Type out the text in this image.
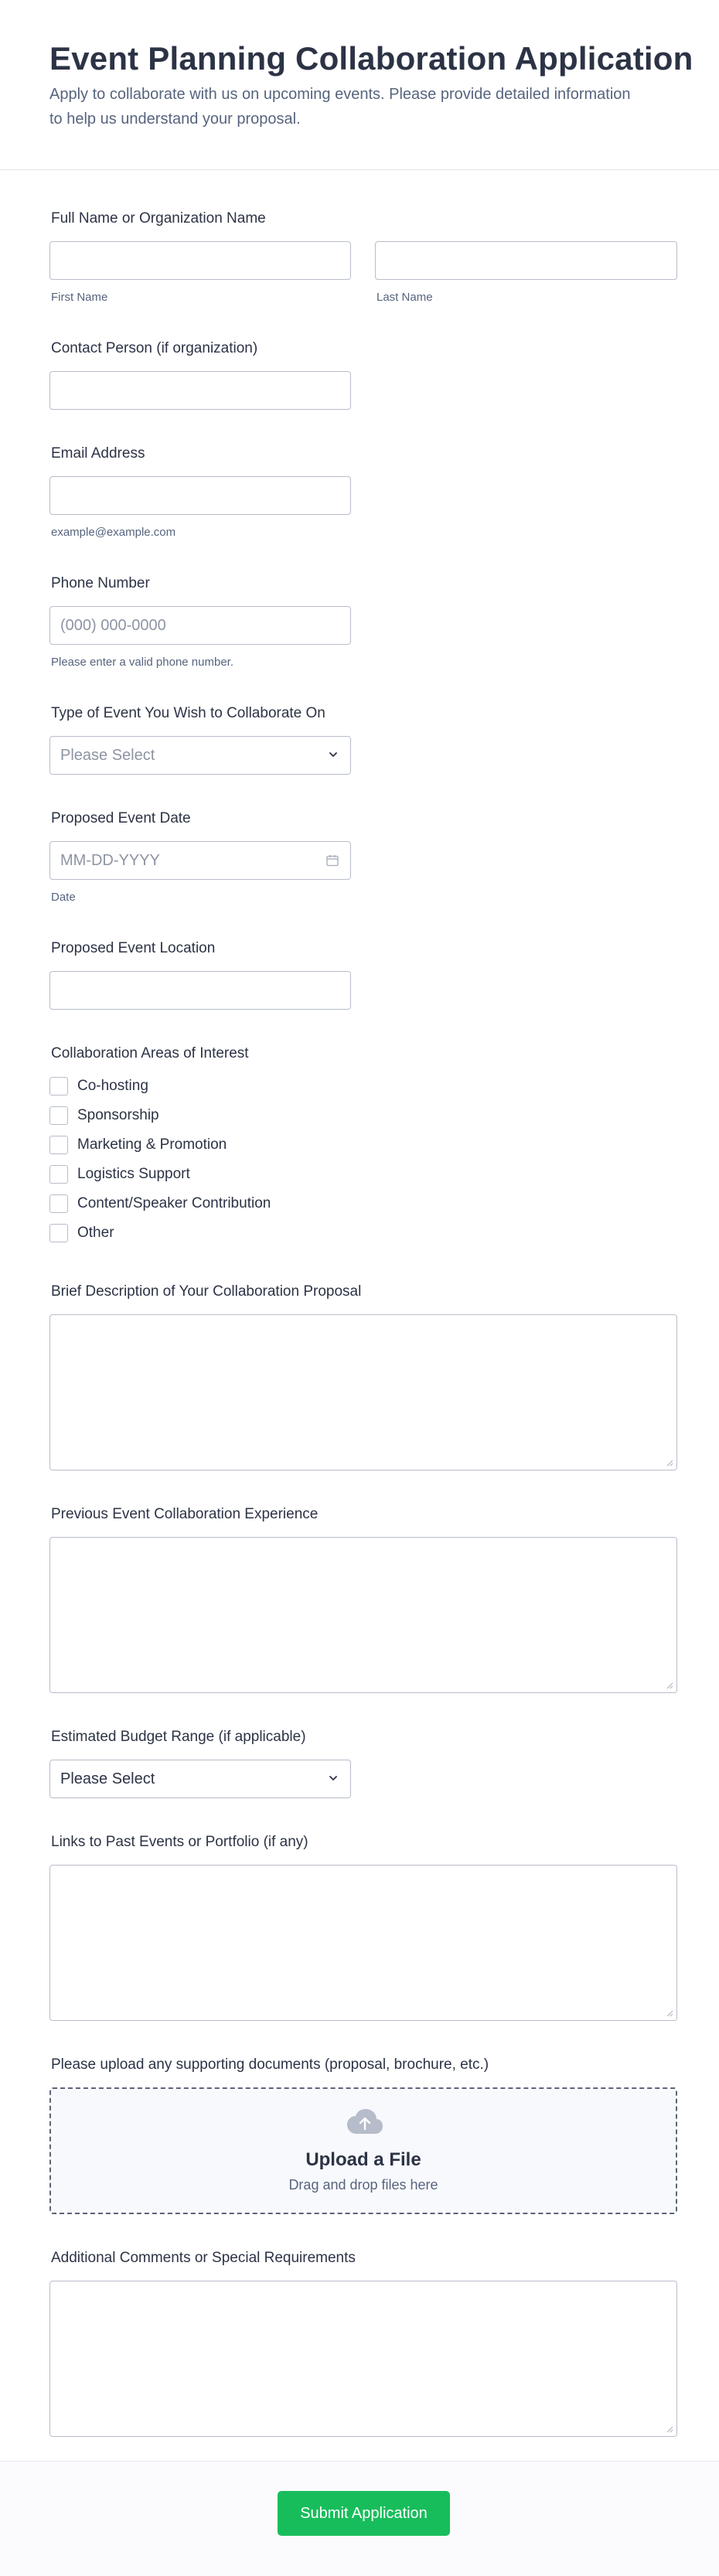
Event Planning Collaboration Application
Apply to collaborate with us on upcoming events. Please provide detailed information to help us understand your proposal.
Full Name or Organization Name
First Name	Last Name
Contact Person (if organization)
Email Address
example@example.com
Phone Number
(000) 000-0000
Please enter a valid phone number.
Type of Event You Wish to Collaborate On
Please Select
Proposed Event Date
MM-DD-YYYY
Date
Proposed Event Location
Collaboration Areas of Interest
Co-hosting
Sponsorship
Marketing & Promotion
Logistics Support
Content/Speaker Contribution
Other
Brief Description of Your Collaboration Proposal
Previous Event Collaboration Experience
Estimated Budget Range (if applicable)
Please Select
Links to Past Events or Portfolio (if any)
Please upload any supporting documents (proposal, brochure, etc.)
Upload a File
Drag and drop files here
Additional Comments or Special Requirements
Submit Application
